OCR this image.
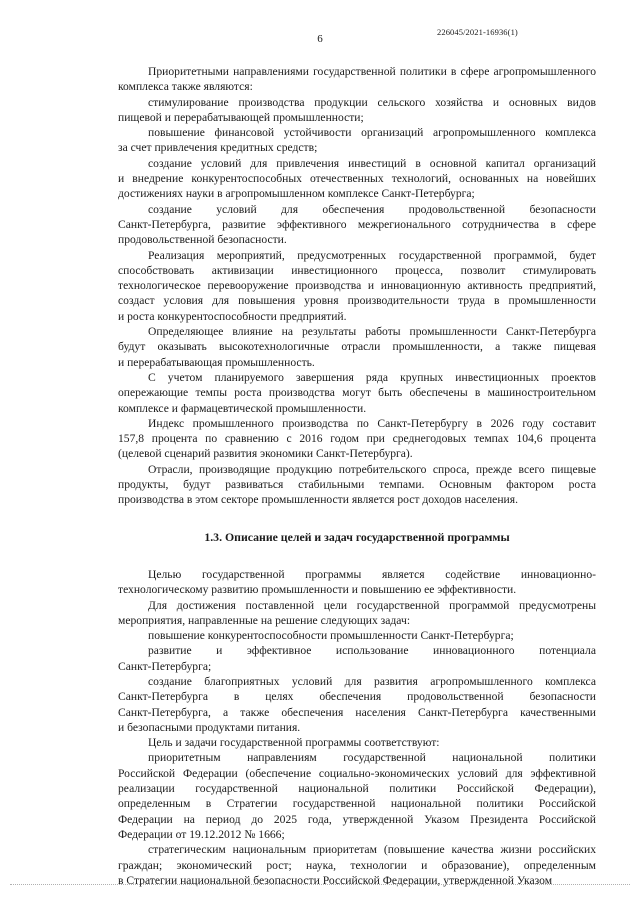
226045/2021-16936(1)
6
Приоритетными направлениями государственной политики в сфере агропромышленного
комплекса также являются:
стимулирование производства продукции сельского хозяйства и основных видов
пищевой и перерабатывающей промышленности;
повышение финансовой устойчивости организаций агропромышленного комплекса
за счет привлечения кредитных средств;
создание условий для привлечения инвестиций в основной капитал организаций
и внедрение конкурентоспособных отечественных технологий, основанных на новейших
достижениях науки в агропромышленном комплексе Санкт-Петербурга;
создание условий для обеспечения продовольственной безопасности
Санкт-Петербурга, развитие эффективного межрегионального сотрудничества в сфере
продовольственной безопасности.
Реализация мероприятий, предусмотренных государственной программой, будет
способствовать активизации инвестиционного процесса, позволит стимулировать
технологическое перевооружение производства и инновационную активность предприятий,
создаст условия для повышения уровня производительности труда в промышленности
и роста конкурентоспособности предприятий.
Определяющее влияние на результаты работы промышленности Санкт-Петербурга
будут оказывать высокотехнологичные отрасли промышленности, а также пищевая
и перерабатывающая промышленность.
С учетом планируемого завершения ряда крупных инвестиционных проектов
опережающие темпы роста производства могут быть обеспечены в машиностроительном
комплексе и фармацевтической промышленности.
Индекс промышленного производства по Санкт-Петербургу в 2026 году составит
157,8 процента по сравнению с 2016 годом при среднегодовых темпах 104,6 процента
(целевой сценарий развития экономики Санкт-Петербурга).
Отрасли, производящие продукцию потребительского спроса, прежде всего пищевые
продукты, будут развиваться стабильными темпами. Основным фактором роста
производства в этом секторе промышленности является рост доходов населения.
1.3. Описание целей и задач государственной программы
Целью государственной программы является содействие инновационно-
технологическому развитию промышленности и повышению ее эффективности.
Для достижения поставленной цели государственной программой предусмотрены
мероприятия, направленные на решение следующих задач:
повышение конкурентоспособности промышленности Санкт-Петербурга;
развитие и эффективное использование инновационного потенциала
Санкт-Петербурга;
создание благоприятных условий для развития агропромышленного комплекса
Санкт-Петербурга в целях обеспечения продовольственной безопасности
Санкт-Петербурга, а также обеспечения населения Санкт-Петербурга качественными
и безопасными продуктами питания.
Цель и задачи государственной программы соответствуют:
приоритетным направлениям государственной национальной политики
Российской Федерации (обеспечение социально-экономических условий для эффективной
реализации государственной национальной политики Российской Федерации),
определенным в Стратегии государственной национальной политики Российской
Федерации на период до 2025 года, утвержденной Указом Президента Российской
Федерации от 19.12.2012 № 1666;
стратегическим национальным приоритетам (повышение качества жизни российских
граждан; экономический рост; наука, технологии и образование), определенным
в Стратегии национальной безопасности Российской Федерации, утвержденной Указом
